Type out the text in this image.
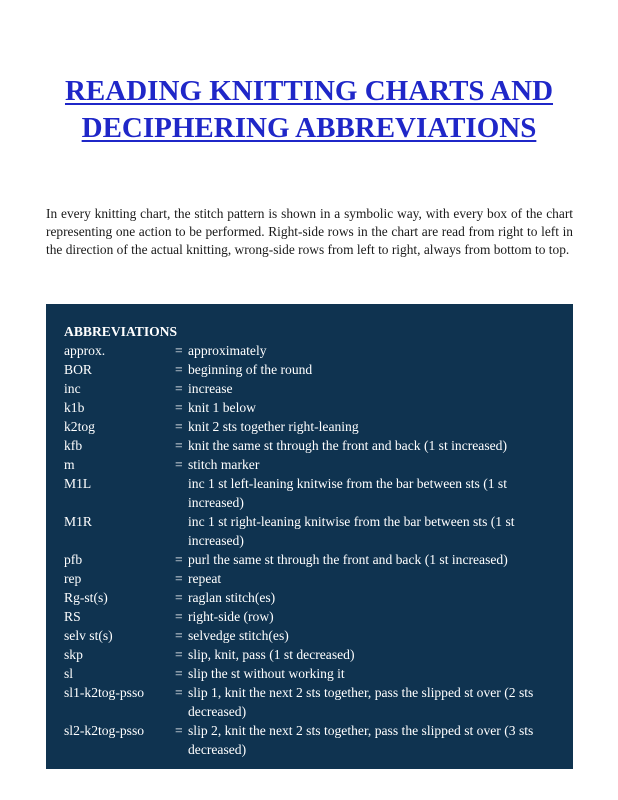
READING KNITTING CHARTS AND
DECIPHERING ABBREVIATIONS

In every knitting chart, the stitch pattern is shown in a symbolic way, with every box of the chart representing one action to be performed. Right-side rows in the chart are read from right to left in the direction of the actual knitting, wrong-side rows from left to right, always from bottom to top.

ABBREVIATIONS
approx.	= approximately
BOR	= beginning of the round
inc	= increase
k1b	= knit 1 below
k2tog	= knit 2 sts together right-leaning
kfb	= knit the same st through the front and back (1 st increased)
m	= stitch marker
M1L	inc 1 st left-leaning knitwise from the bar between sts (1 st increased)
M1R	inc 1 st right-leaning knitwise from the bar between sts (1 st increased)
pfb	= purl the same st through the front and back (1 st increased)
rep	= repeat
Rg-st(s)	= raglan stitch(es)
RS	= right-side (row)
selv st(s)	= selvedge stitch(es)
skp	= slip, knit, pass (1 st decreased)
sl	= slip the st without working it
sl1-k2tog-psso	= slip 1, knit the next 2 sts together, pass the slipped st over (2 sts decreased)
sl2-k2tog-psso	= slip 2, knit the next 2 sts together, pass the slipped st over (3 sts decreased)
PassionForum.ru
